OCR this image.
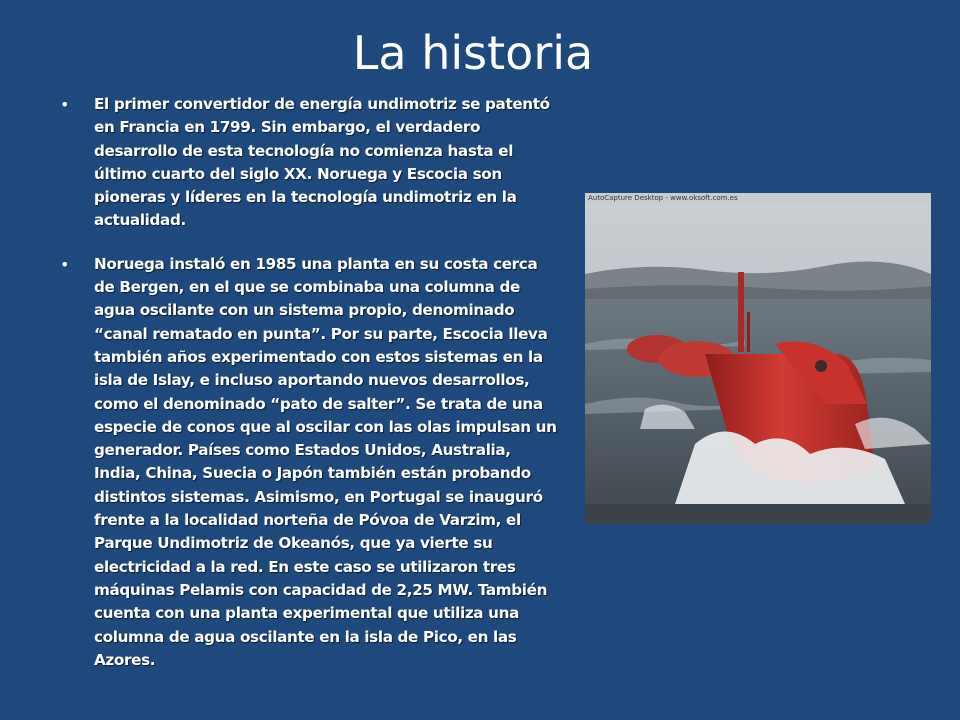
La historia
• El primer convertidor de energía undimotriz se patentó en Francia en 1799. Sin embargo, el verdadero desarrollo de esta tecnología no comienza hasta el último cuarto del siglo XX. Noruega y Escocia son pioneras y líderes en la tecnología undimotriz en la actualidad.
• Noruega instaló en 1985 una planta en su costa cerca de Bergen, en el que se combinaba una columna de agua oscilante con un sistema propio, denominado “canal rematado en punta”. Por su parte, Escocia lleva también años experimentado con estos sistemas en la isla de Islay, e incluso aportando nuevos desarrollos, como el denominado “pato de salter”. Se trata de una especie de conos que al oscilar con las olas impulsan un generador. Países como Estados Unidos, Australia, India, China, Suecia o Japón también están probando distintos sistemas. Asimismo, en Portugal se inauguró frente a la localidad norteña de Póvoa de Varzim, el Parque Undimotriz de Okeanós, que ya vierte su electricidad a la red. En este caso se utilizaron tres máquinas Pelamis con capacidad de 2,25 MW. También cuenta con una planta experimental que utiliza una columna de agua oscilante en la isla de Pico, en las Azores.
AutoCapture Desktop - www.oksoft.com.es
